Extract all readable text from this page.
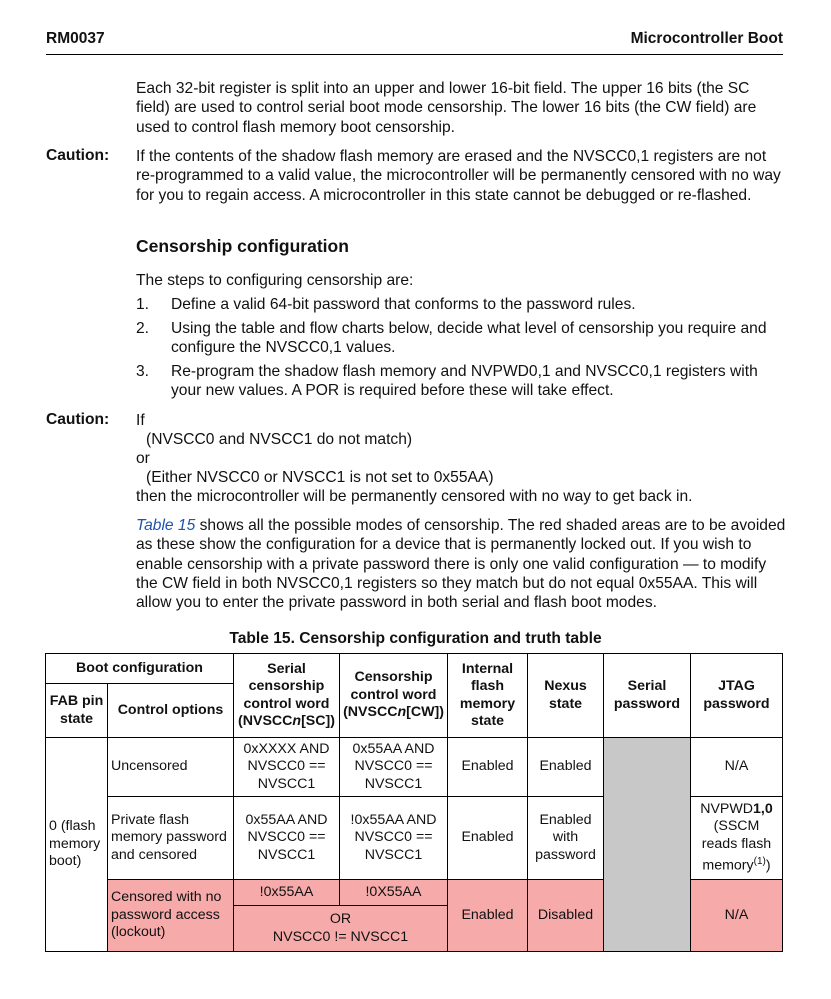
RM0037	Microcontroller Boot
Each 32-bit register is split into an upper and lower 16-bit field. The upper 16 bits (the SC field) are used to control serial boot mode censorship. The lower 16 bits (the CW field) are used to control flash memory boot censorship.
Caution: If the contents of the shadow flash memory are erased and the NVSCC0,1 registers are not re-programmed to a valid value, the microcontroller will be permanently censored with no way for you to regain access. A microcontroller in this state cannot be debugged or re-flashed.
Censorship configuration
The steps to configuring censorship are:
1. Define a valid 64-bit password that conforms to the password rules.
2. Using the table and flow charts below, decide what level of censorship you require and configure the NVSCC0,1 values.
3. Re-program the shadow flash memory and NVPWD0,1 and NVSCC0,1 registers with your new values. A POR is required before these will take effect.
Caution: If
(NVSCC0 and NVSCC1 do not match)
or
(Either NVSCC0 or NVSCC1 is not set to 0x55AA)
then the microcontroller will be permanently censored with no way to get back in.
Table 15 shows all the possible modes of censorship. The red shaded areas are to be avoided as these show the configuration for a device that is permanently locked out. If you wish to enable censorship with a private password there is only one valid configuration — to modify the CW field in both NVSCC0,1 registers so they match but do not equal 0x55AA. This will allow you to enter the private password in both serial and flash boot modes.
Table 15. Censorship configuration and truth table
Boot configuration		Serial censorship control word (NVSCCn[SC])	Censorship control word (NVSCCn[CW])	Internal flash memory state	Nexus state	Serial password	JTAG password
FAB pin state	Control options						
0 (flash memory boot)	Uncensored	0xXXXX AND NVSCC0 == NVSCC1	0x55AA AND NVSCC0 == NVSCC1	Enabled	Enabled		N/A
	Private flash memory password and censored	0x55AA AND NVSCC0 == NVSCC1	!0x55AA AND NVSCC0 == NVSCC1	Enabled	Enabled with password		NVPWD1,0
(SSCM reads flash memory$^{(1)}$)
	Censored with no password access (lockout)	!0x55AA	!0X55AA	Enabled	Disabled		N/A
		OR
NVSCC0 != NVSCC1					
